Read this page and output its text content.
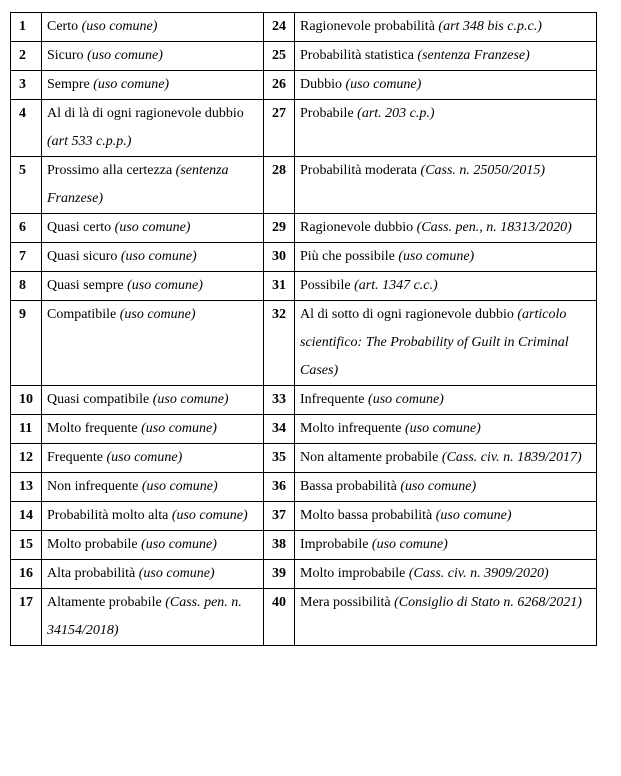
1	Certo (uso comune)	24	Ragionevole probabilità (art 348 bis c.p.c.)
2	Sicuro (uso comune)	25	Probabilità statistica (sentenza Franzese)
3	Sempre (uso comune)	26	Dubbio (uso comune)
4	Al di là di ogni ragionevole dubbio (art 533 c.p.p.)	27	Probabile (art. 203 c.p.)
5	Prossimo alla certezza (sentenza Franzese)	28	Probabilità moderata (Cass. n. 25050/2015)
6	Quasi certo (uso comune)	29	Ragionevole dubbio (Cass. pen., n. 18313/2020)
7	Quasi sicuro (uso comune)	30	Più che possibile (uso comune)
8	Quasi sempre (uso comune)	31	Possibile (art. 1347 c.c.)
9	Compatibile (uso comune)	32	Al di sotto di ogni ragionevole dubbio (articolo scientifico: The Probability of Guilt in Criminal Cases)
10	Quasi compatibile (uso comune)	33	Infrequente (uso comune)
11	Molto frequente (uso comune)	34	Molto infrequente (uso comune)
12	Frequente (uso comune)	35	Non altamente probabile (Cass. civ. n. 1839/2017)
13	Non infrequente (uso comune)	36	Bassa probabilità (uso comune)
14	Probabilità molto alta (uso comune)	37	Molto bassa probabilità (uso comune)
15	Molto probabile (uso comune)	38	Improbabile (uso comune)
16	Alta probabilità (uso comune)	39	Molto improbabile (Cass. civ. n. 3909/2020)
17	Altamente probabile (Cass. pen. n. 34154/2018)	40	Mera possibilità (Consiglio di Stato n. 6268/2021)
